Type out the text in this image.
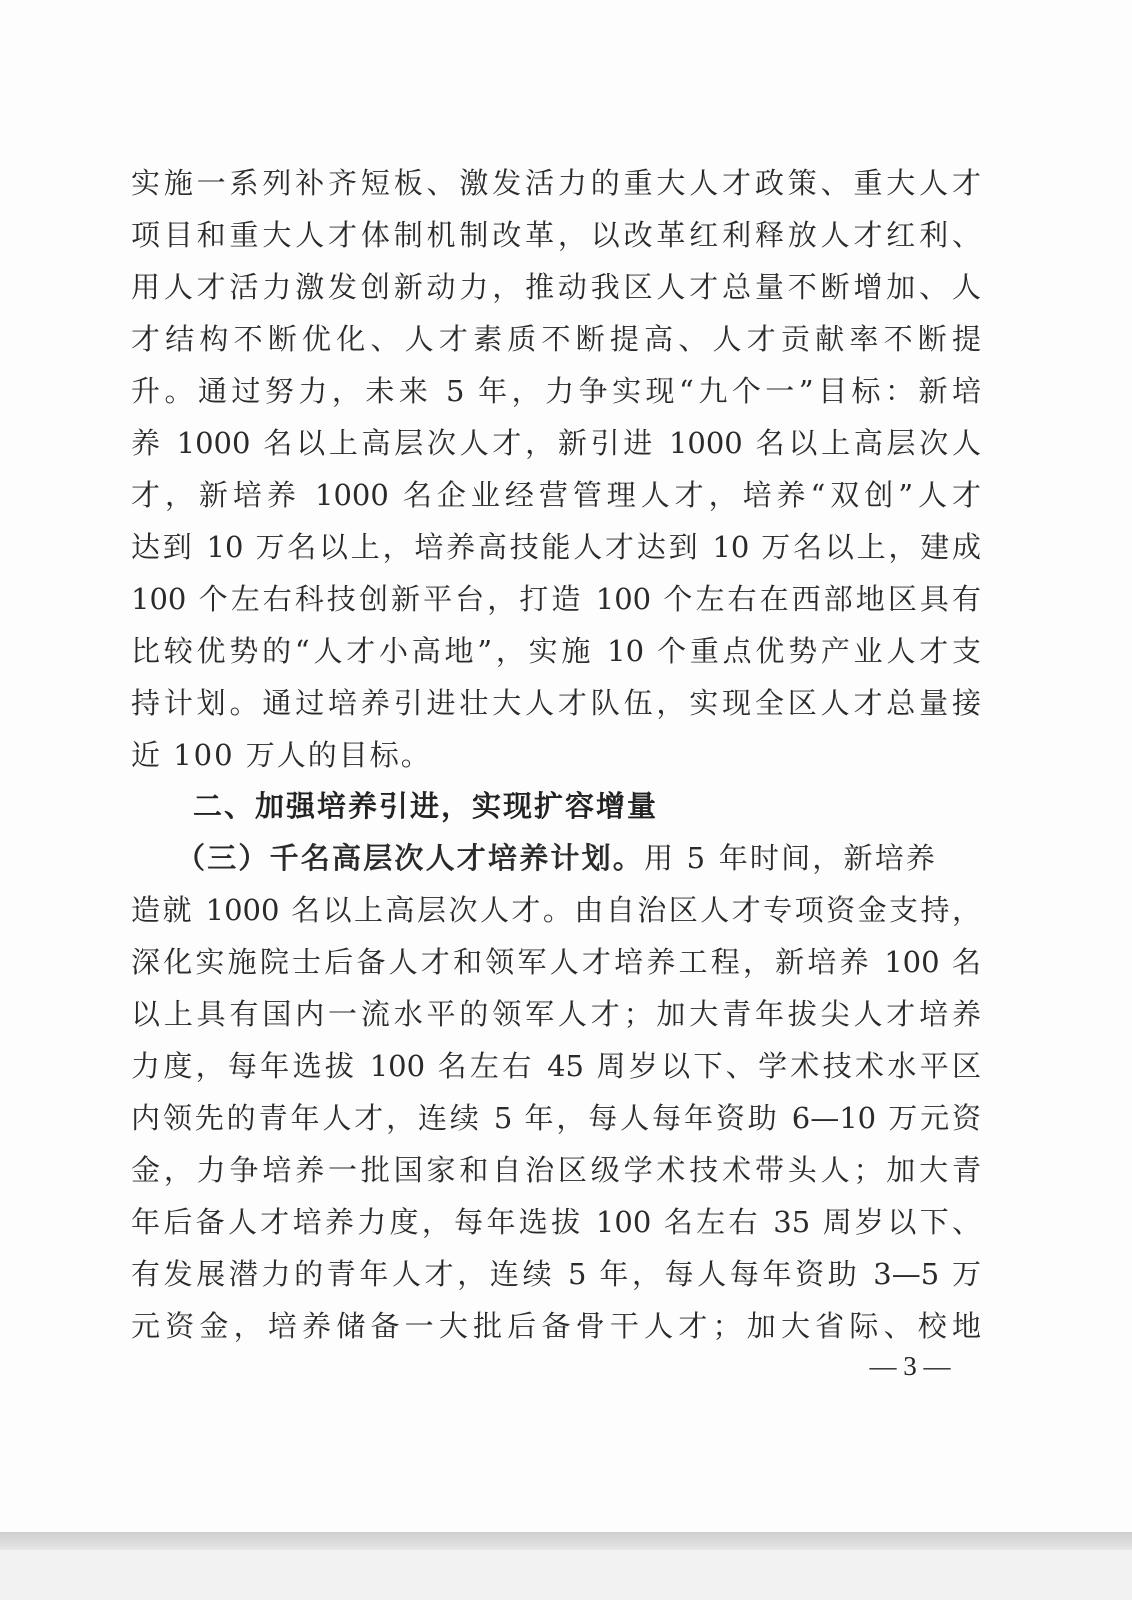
实施一系列补齐短板、激发活力的重大人才政策、重大人才
项目和重大人才体制机制改革，以改革红利释放人才红利、
用人才活力激发创新动力，推动我区人才总量不断增加、人
才结构不断优化、人才素质不断提高、人才贡献率不断提
升。通过努力，未来 5 年，力争实现“九个一”目标：新培
养 1000 名以上高层次人才，新引进 1000 名以上高层次人
才，新培养 1000 名企业经营管理人才，培养“双创”人才
达到 10 万名以上，培养高技能人才达到 10 万名以上，建成
100 个左右科技创新平台，打造 100 个左右在西部地区具有
比较优势的“人才小高地”，实施 10 个重点优势产业人才支
持计划。通过培养引进壮大人才队伍，实现全区人才总量接
近 100 万人的目标。
二、加强培养引进，实现扩容增量
（三）千名高层次人才培养计划。用 5 年时间，新培养
造就 1000 名以上高层次人才。由自治区人才专项资金支持，
深化实施院士后备人才和领军人才培养工程，新培养 100 名
以上具有国内一流水平的领军人才；加大青年拔尖人才培养
力度，每年选拔 100 名左右 45 周岁以下、学术技术水平区
内领先的青年人才，连续 5 年，每人每年资助 6—10 万元资
金，力争培养一批国家和自治区级学术技术带头人；加大青
年后备人才培养力度，每年选拔 100 名左右 35 周岁以下、
有发展潜力的青年人才，连续 5 年，每人每年资助 3—5 万
元资金，培养储备一大批后备骨干人才；加大省际、校地
— 3 —
